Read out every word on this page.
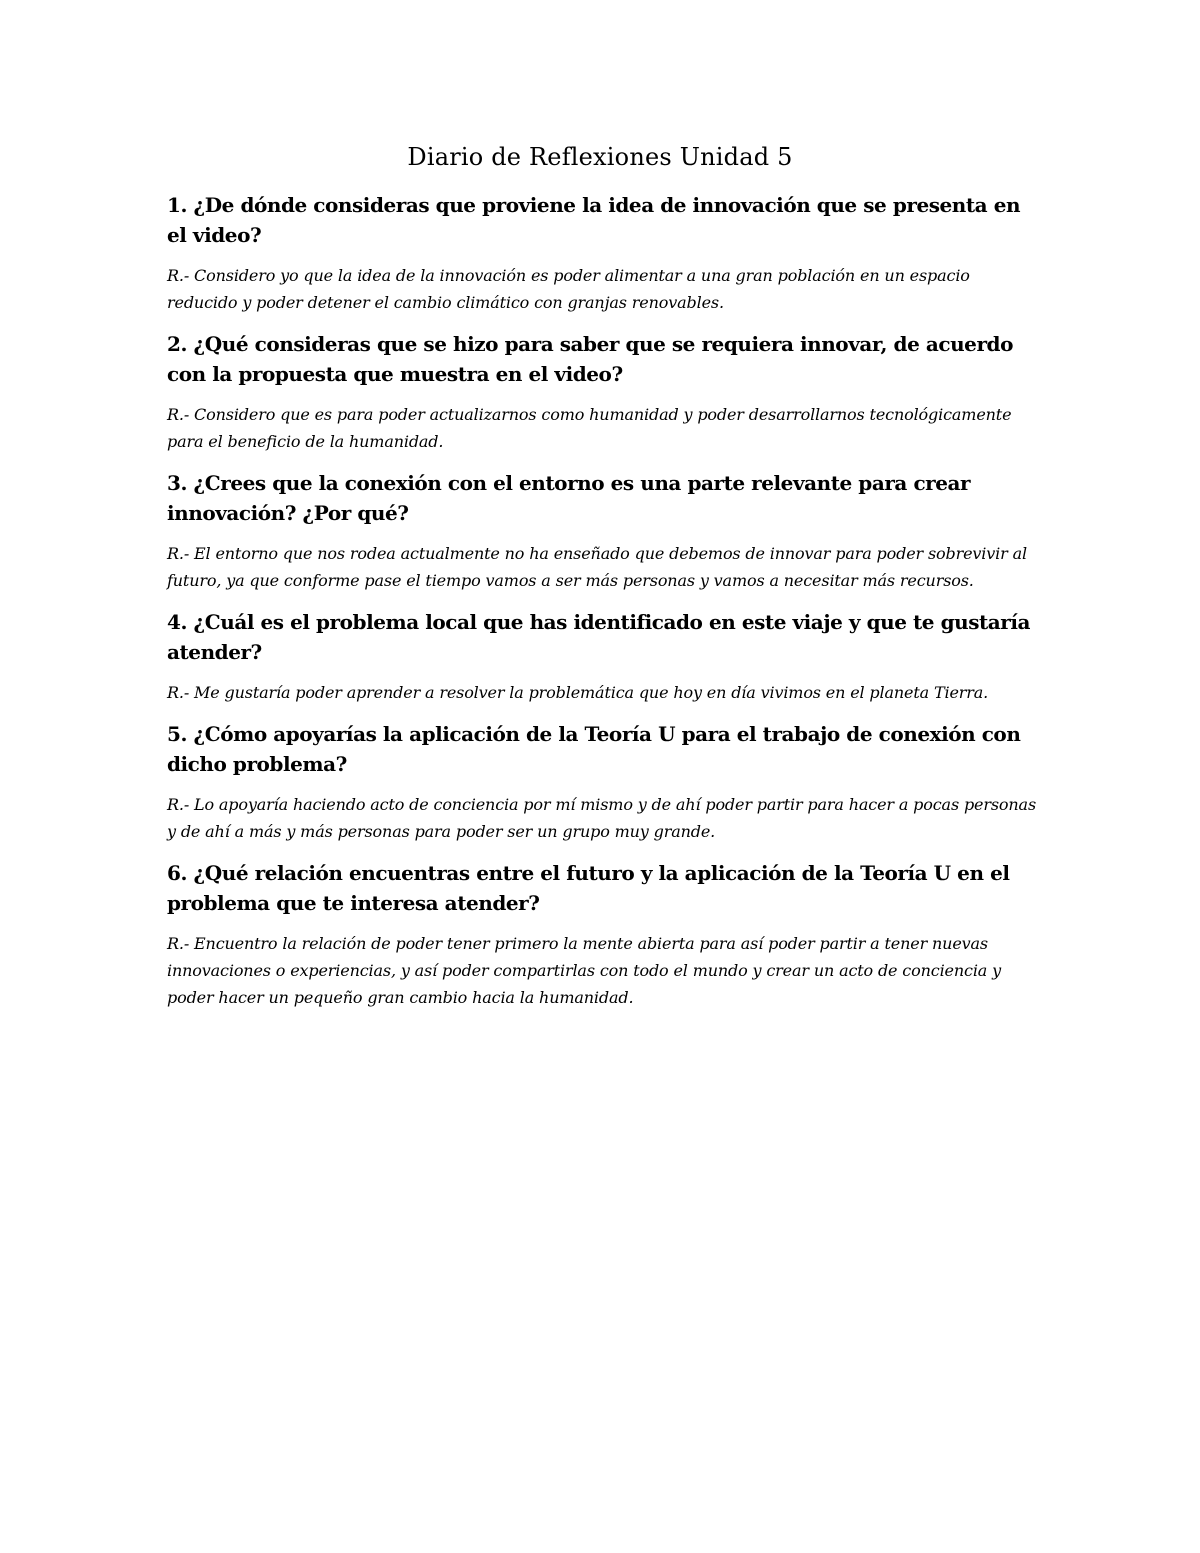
Diario de Reflexiones Unidad 5

1. ¿De dónde consideras que proviene la idea de innovación que se presenta en el video?

R.- Considero yo que la idea de la innovación es poder alimentar a una gran población en un espacio reducido y poder detener el cambio climático con granjas renovables.

2. ¿Qué consideras que se hizo para saber que se requiera innovar, de acuerdo con la propuesta que muestra en el video?

R.- Considero que es para poder actualizarnos como humanidad y poder desarrollarnos tecnológicamente para el beneficio de la humanidad.

3. ¿Crees que la conexión con el entorno es una parte relevante para crear innovación? ¿Por qué?

R.- El entorno que nos rodea actualmente no ha enseñado que debemos de innovar para poder sobrevivir al futuro, ya que conforme pase el tiempo vamos a ser más personas y vamos a necesitar más recursos.

4. ¿Cuál es el problema local que has identificado en este viaje y que te gustaría atender?

R.- Me gustaría poder aprender a resolver la problemática que hoy en día vivimos en el planeta Tierra.

5. ¿Cómo apoyarías la aplicación de la Teoría U para el trabajo de conexión con dicho problema?

R.- Lo apoyaría haciendo acto de conciencia por mí mismo y de ahí poder partir para hacer a pocas personas y de ahí a más y más personas para poder ser un grupo muy grande.

6. ¿Qué relación encuentras entre el futuro y la aplicación de la Teoría U en el problema que te interesa atender?

R.- Encuentro la relación de poder tener primero la mente abierta para así poder partir a tener nuevas innovaciones o experiencias, y así poder compartirlas con todo el mundo y crear un acto de conciencia y poder hacer un pequeño gran cambio hacia la humanidad.
